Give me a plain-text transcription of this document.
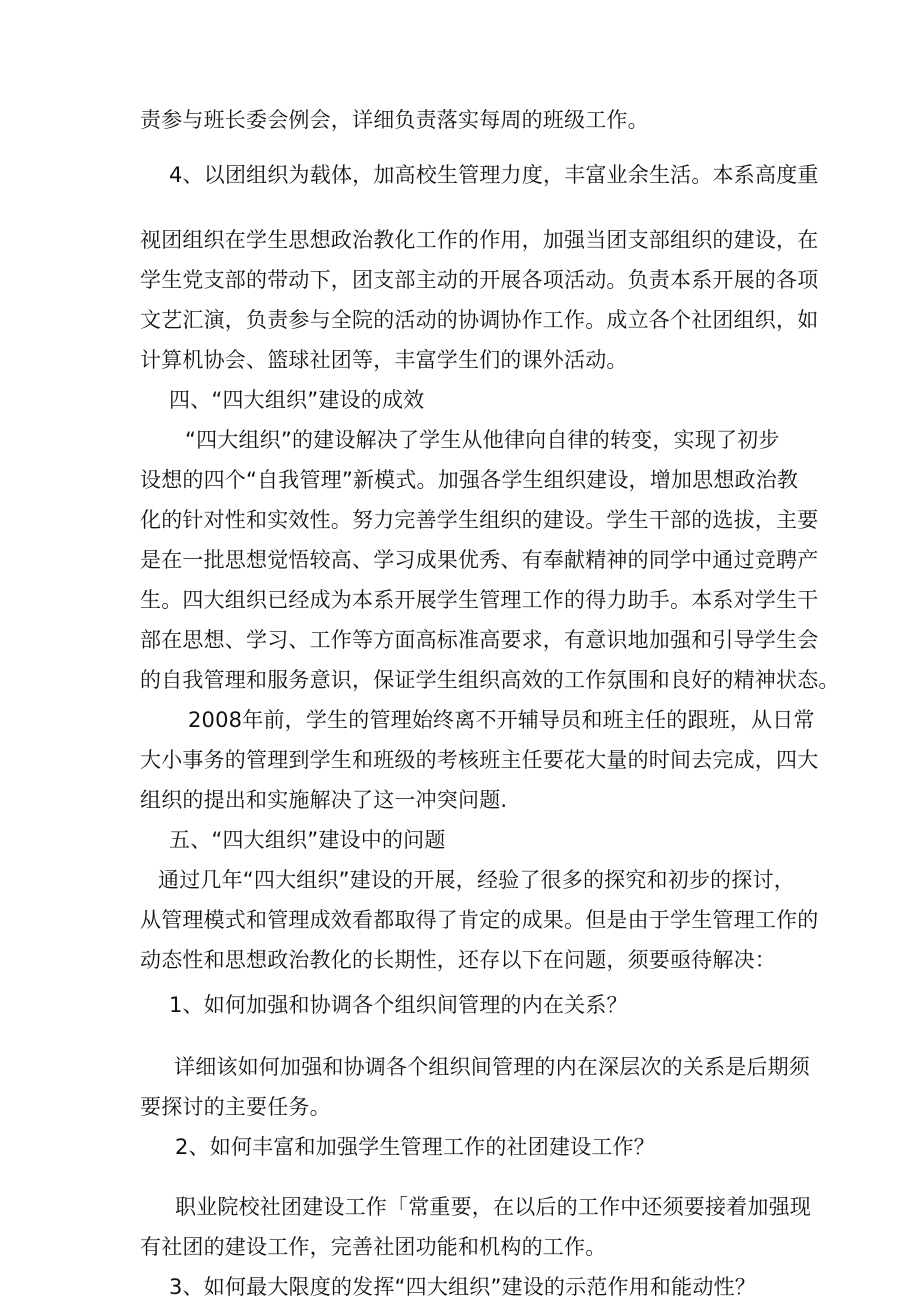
责参与班长委会例会，详细负责落实每周的班级工作。
4、以团组织为载体，加高校生管理力度，丰富业余生活。本系高度重
视团组织在学生思想政治教化工作的作用，加强当团支部组织的建设，在
学生党支部的带动下，团支部主动的开展各项活动。负责本系开展的各项
文艺汇演，负责参与全院的活动的协调协作工作。成立各个社团组织，如
计算机协会、篮球社团等，丰富学生们的课外活动。
四、“四大组织”建设的成效
“四大组织”的建设解决了学生从他律向自律的转变，实现了初步
设想的四个“自我管理”新模式。加强各学生组织建设，增加思想政治教
化的针对性和实效性。努力完善学生组织的建设。学生干部的选拔，主要
是在一批思想觉悟较高、学习成果优秀、有奉献精神的同学中通过竞聘产
生。四大组织已经成为本系开展学生管理工作的得力助手。本系对学生干
部在思想、学习、工作等方面高标准高要求，有意识地加强和引导学生会
的自我管理和服务意识，保证学生组织高效的工作氛围和良好的精神状态。
2008年前，学生的管理始终离不开辅导员和班主任的跟班，从日常
大小事务的管理到学生和班级的考核班主任要花大量的时间去完成，四大
组织的提出和实施解决了这一冲突问题.
五、“四大组织”建设中的问题
通过几年“四大组织”建设的开展，经验了很多的探究和初步的探讨，
从管理模式和管理成效看都取得了肯定的成果。但是由于学生管理工作的
动态性和思想政治教化的长期性，还存以下在问题，须要亟待解决：
1、如何加强和协调各个组织间管理的内在关系？
详细该如何加强和协调各个组织间管理的内在深层次的关系是后期须
要探讨的主要任务。
2、如何丰富和加强学生管理工作的社团建设工作？
职业院校社团建设工作「常重要，在以后的工作中还须要接着加强现
有社团的建设工作，完善社团功能和机构的工作。
3、如何最大限度的发挥“四大组织”建设的示范作用和能动性？
